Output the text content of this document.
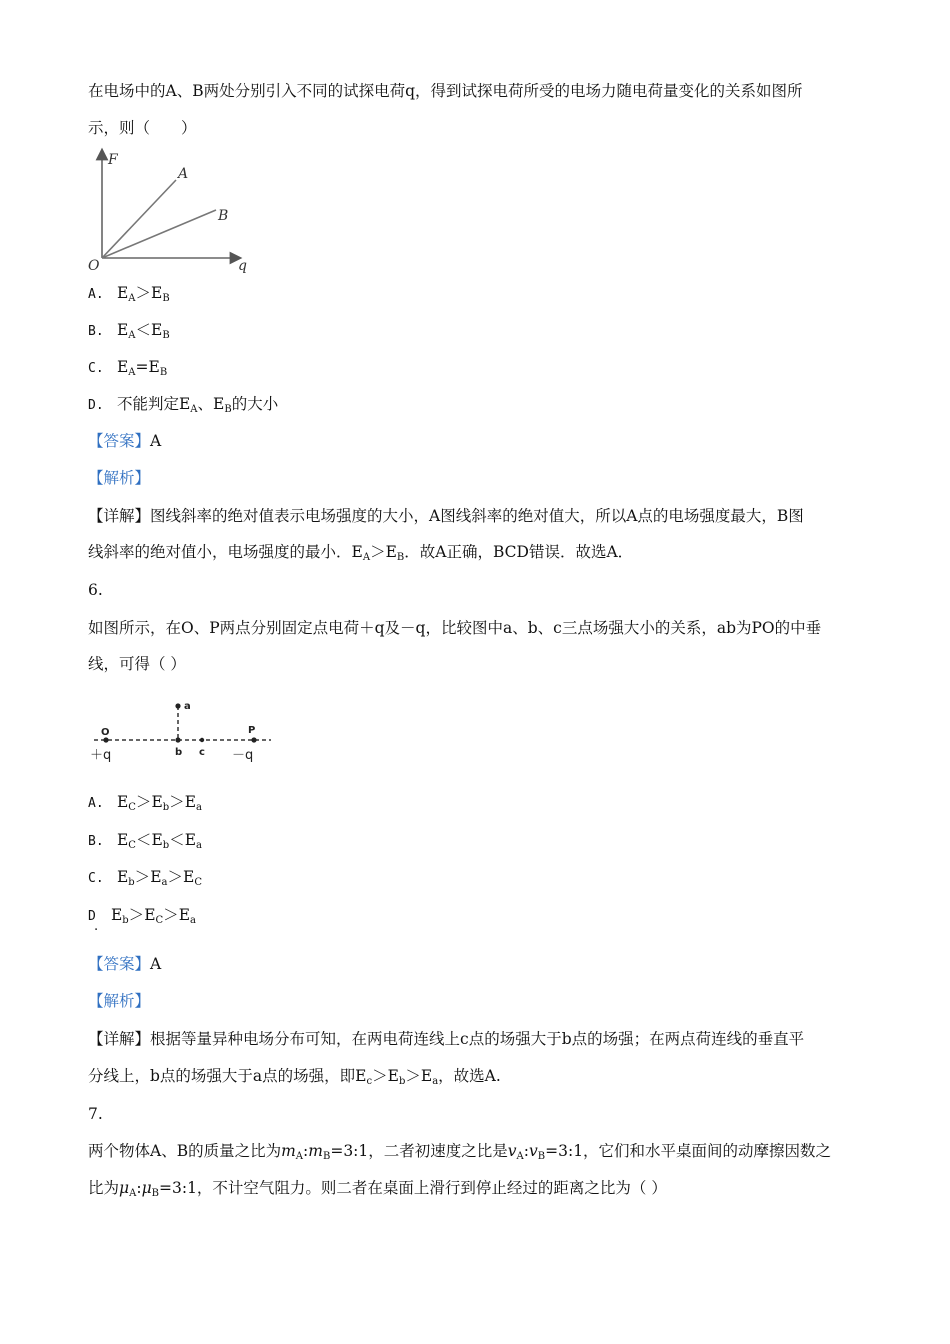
在电场中的A、B两处分别引入不同的试探电荷q，得到试探电荷所受的电场力随电荷量变化的关系如图所
示，则（　　）
F
A
B
O	q
A. $E_A>E_B$
B. $E_A<E_B$
C. $E_A=E_B$
D. 不能判定$E_A$、$E_B$的大小
【答案】A
【解析】
【详解】图线斜率的绝对值表示电场强度的大小，A图线斜率的绝对值大，所以A点的电场强度最大，B图
线斜率的绝对值小，电场强度的最小．$E_A>E_B$．故A正确，BCD错误．故选A．
6.
如图所示，在O、P两点分别固定点电荷＋q及－q，比较图中a、b、c三点场强大小的关系，ab为PO的中垂
线，可得（ ）
O
a
b c
P
＋q	－q
A. $E_C>E_b>E_a$
B. $E_C<E_b<E_a$
C. $E_b>E_a>E_C$
D $E_b>E_C>E_a$
.
【答案】A
【解析】
【详解】根据等量异种电场分布可知，在两电荷连线上c点的场强大于b点的场强；在两点荷连线的垂直平
分线上，b点的场强大于a点的场强，即$E_c>E_b>E_a$，故选A.
7.
两个物体A、B的质量之比为$m_A:m_B=3:1$，二者初速度之比是$v_A:v_B=3:1$，它们和水平桌面间的动摩擦因数之
比为$\mu_A:\mu_B=3:1$，不计空气阻力。则二者在桌面上滑行到停止经过的距离之比为（ ）
